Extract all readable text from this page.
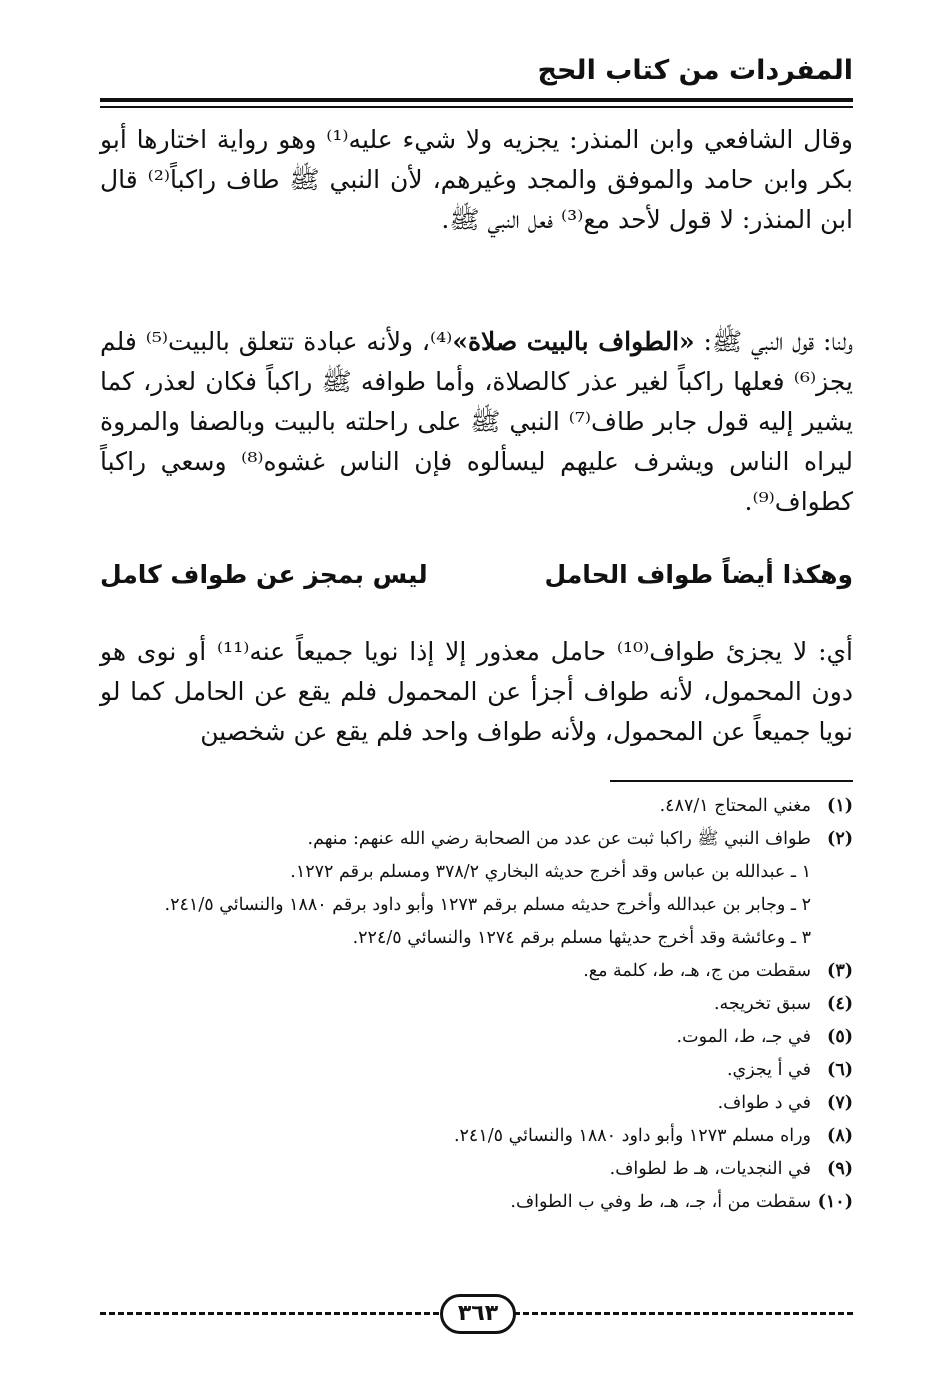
المفردات من كتاب الحج
وقال الشافعي وابن المنذر: يجزيه ولا شيء عليه⁽¹⁾ وهو رواية اختارها أبو بكر وابن حامد والموفق والمجد وغيرهم، لأن النبي ﷺ طاف راكباً⁽²⁾ قال ابن المنذر: لا قول لأحد مع⁽³⁾ فعل النبي ﷺ.
ولنا: قول النبي ﷺ: «الطواف بالبيت صلاة»⁽⁴⁾، ولأنه عبادة تتعلق بالبيت⁽⁵⁾ فلم يجز⁽⁶⁾ فعلها راكباً لغير عذر كالصلاة، وأما طوافه ﷺ راكباً فكان لعذر، كما يشير إليه قول جابر طاف⁽⁷⁾ النبي ﷺ على راحلته بالبيت وبالصفا والمروة ليراه الناس ويشرف عليهم ليسألوه فإن الناس غشوه⁽⁸⁾ وسعي راكباً كطواف⁽⁹⁾.
وهكذا أيضاً طواف الحامل
ليس بمجز عن طواف كامل
أي: لا يجزئ طواف⁽¹⁰⁾ حامل معذور إلا إذا نويا جميعاً عنه⁽¹¹⁾ أو نوى هو دون المحمول، لأنه طواف أجزأ عن المحمول فلم يقع عن الحامل كما لو نويا جميعاً عن المحمول، ولأنه طواف واحد فلم يقع عن شخصين
(١)
مغني المحتاج ٤٨٧/١.
(٢)
طواف النبي ﷺ راكبا ثبت عن عدد من الصحابة رضي الله عنهم: منهم.
١ ـ عبدالله بن عباس وقد أخرج حديثه البخاري ٣٧٨/٢ ومسلم برقم ١٢٧٢.
٢ ـ وجابر بن عبدالله وأخرج حديثه مسلم برقم ١٢٧٣ وأبو داود برقم ١٨٨٠ والنسائي ٢٤١/٥.
٣ ـ وعائشة وقد أخرج حديثها مسلم برقم ١٢٧٤ والنسائي ٢٢٤/٥.
(٣)
سقطت من ج، هـ، ط، كلمة مع.
(٤)
سبق تخريجه.
(٥)
في جـ، ط، الموت.
(٦)
في أ يجزي.
(٧)
في د طواف.
(٨)
وراه مسلم ١٢٧٣ وأبو داود ١٨٨٠ والنسائي ٢٤١/٥.
(٩)
في النجديات، هـ ط لطواف.
(١٠)
سقطت من أ، جـ، هـ، ط وفي ب الطواف.
٣٦٣
